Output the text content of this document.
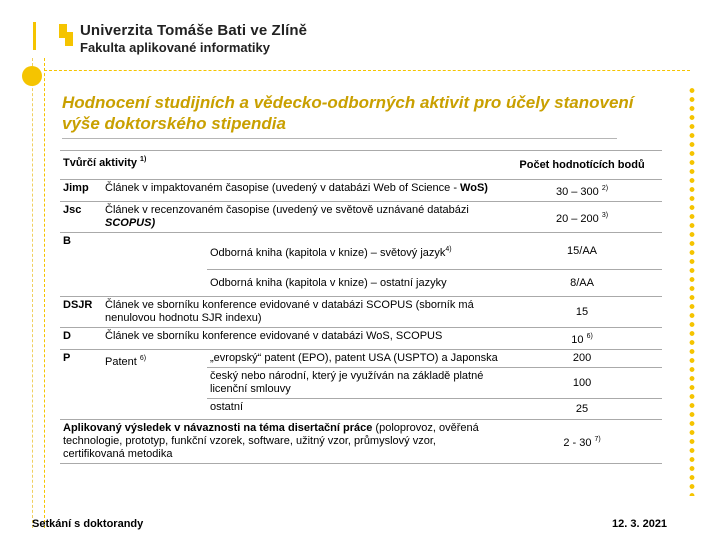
Univerzita Tomáše Bati ve Zlíně
Fakulta aplikované informatiky
Hodnocení studijních a vědecko-odborných aktivit pro účely stanovení výše doktorského stipendia
Tvůrčí aktivity $^{1)}$			Počet hodnotících bodů
Jimp	Článek v impaktovaném časopise (uvedený v databázi Web of Science - WoS)		30 – 300 $^{2)}$
Jsc	Článek v recenzovaném časopise (uvedený ve světově uznávané databázi SCOPUS)		20 – 200 $^{3)}$
B		Odborná kniha (kapitola v knize) – světový jazyk$^{4)}$	15/AA
		Odborná kniha (kapitola v knize) – ostatní jazyky	8/AA
DSJR	Článek ve sborníku konference evidované v databázi SCOPUS (sborník má nenulovou hodnotu SJR indexu)		15
D	Článek ve sborníku konference evidované v databázi WoS, SCOPUS		10 $^{6)}$
P	Patent $^{6)}$	„evropský“ patent (EPO), patent USA (USPTO) a Japonska	200
		český nebo národní, který je využíván na základě platné licenční smlouvy	100
		ostatní	25
Aplikovaný výsledek v návaznosti na téma disertační práce (poloprovoz, ověřená technologie, prototyp, funkční vzorek, software, užitný vzor, průmyslový vzor, certifikovaná metodika			2 - 30 $^{7)}$
Setkání s doktorandy	12. 3. 2021
